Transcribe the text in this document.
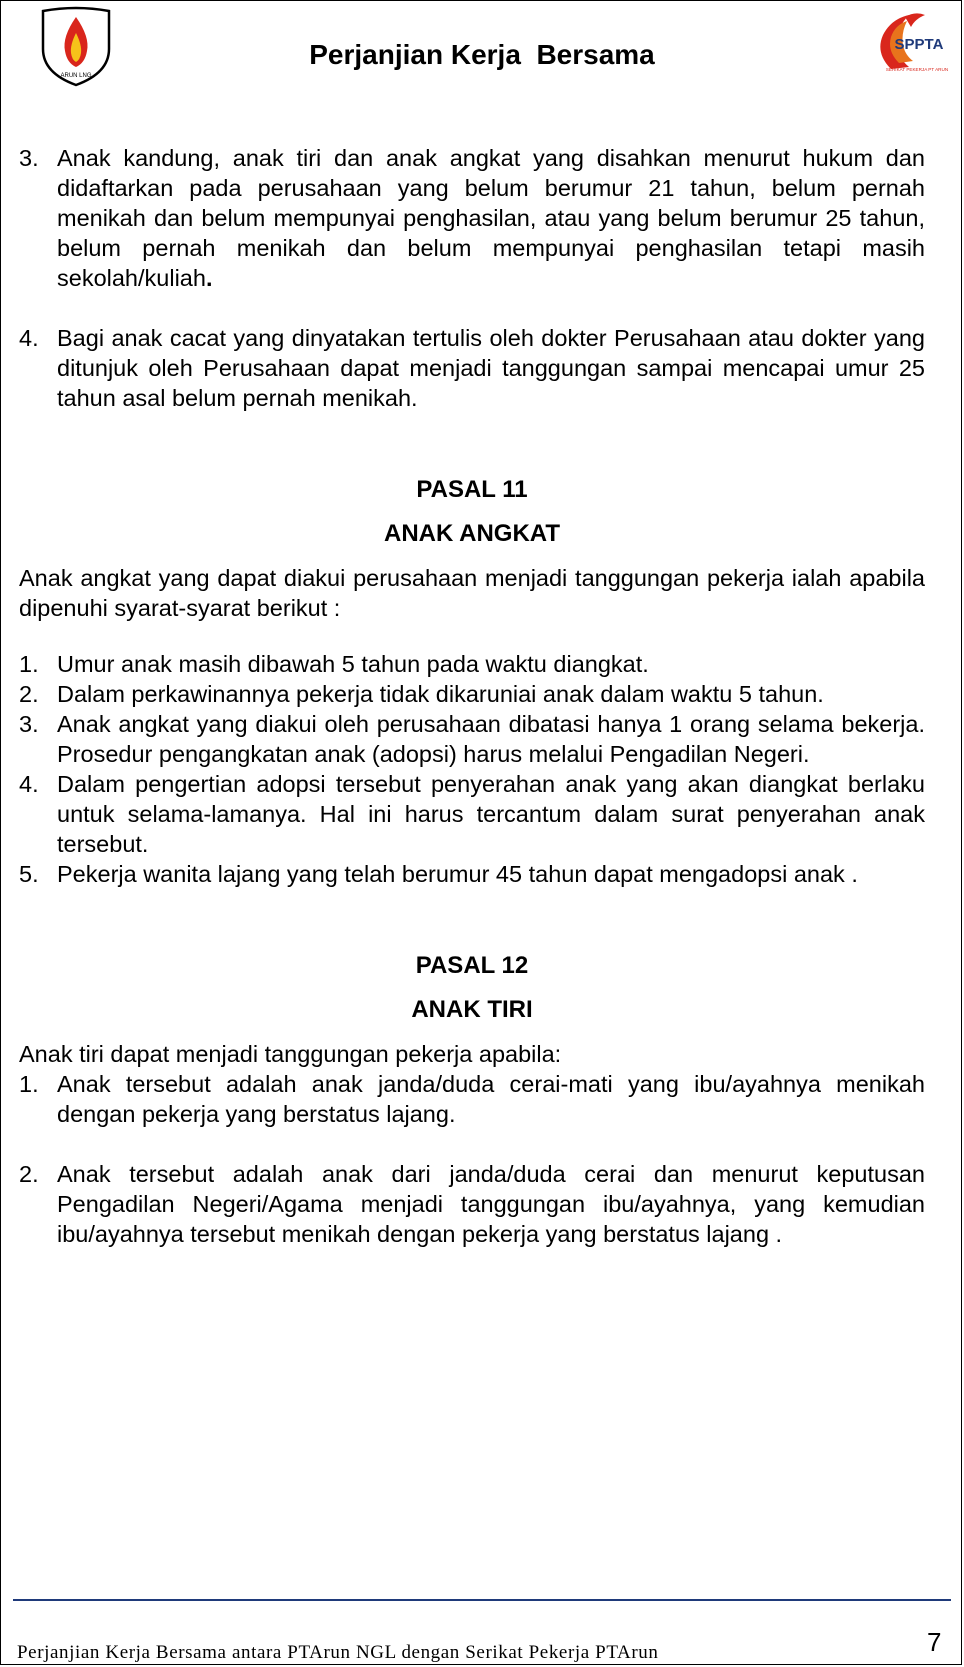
ARUN LNG
Perjanjian Kerja  Bersama	SPPTA
SERIKAT PEKERJA PT ARUN
3. Anak kandung, anak tiri dan anak angkat yang disahkan menurut hukum dan didaftarkan pada perusahaan yang belum berumur 21 tahun, belum pernah menikah dan belum mempunyai penghasilan, atau yang belum berumur 25 tahun, belum pernah menikah dan belum mempunyai penghasilan tetapi masih sekolah/kuliah.
4. Bagi anak cacat yang dinyatakan tertulis oleh dokter Perusahaan atau dokter yang ditunjuk oleh Perusahaan dapat menjadi tanggungan sampai mencapai umur 25 tahun asal belum pernah menikah.
PASAL 11
ANAK ANGKAT
Anak angkat yang dapat diakui perusahaan menjadi tanggungan pekerja ialah apabila dipenuhi syarat-syarat berikut :
1. Umur anak masih dibawah 5 tahun pada waktu diangkat.
2. Dalam perkawinannya pekerja tidak dikaruniai anak dalam waktu 5 tahun.
3. Anak angkat yang diakui oleh perusahaan dibatasi hanya 1 orang selama bekerja. Prosedur pengangkatan anak (adopsi) harus melalui Pengadilan Negeri.
4. Dalam pengertian adopsi tersebut penyerahan anak yang akan diangkat berlaku untuk selama-lamanya. Hal ini harus tercantum dalam surat penyerahan anak tersebut.
5. Pekerja wanita lajang yang telah berumur 45 tahun dapat mengadopsi anak .
PASAL 12
ANAK TIRI
Anak tiri dapat menjadi tanggungan pekerja apabila:
1. Anak tersebut adalah anak janda/duda cerai-mati yang ibu/ayahnya menikah dengan pekerja yang berstatus lajang.
2. Anak tersebut adalah anak dari janda/duda cerai dan menurut keputusan Pengadilan Negeri/Agama menjadi tanggungan ibu/ayahnya, yang kemudian ibu/ayahnya tersebut menikah dengan pekerja yang berstatus lajang .
Perjanjian Kerja Bersama antara PTArun NGL dengan Serikat Pekerja PTArun	7
